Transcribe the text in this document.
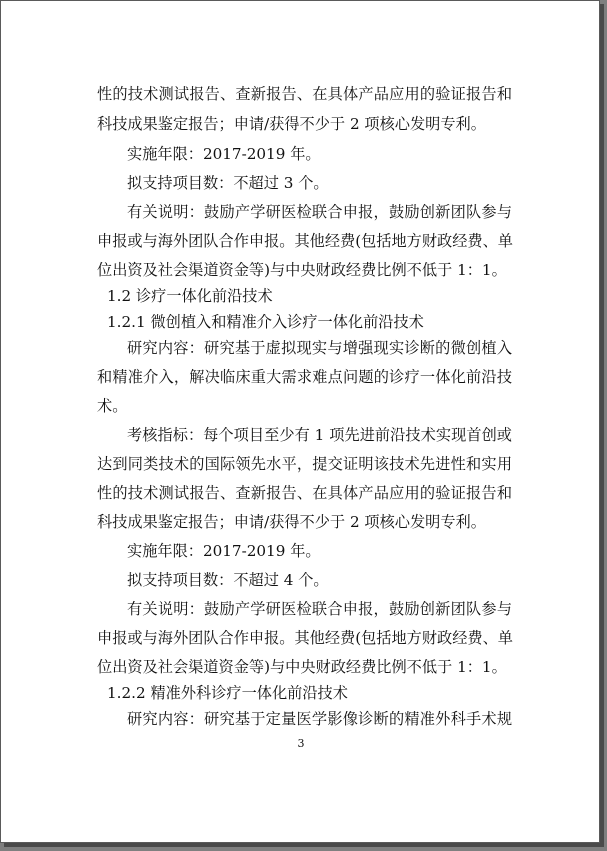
性的技术测试报告、查新报告、在具体产品应用的验证报告和
科技成果鉴定报告；申请/获得不少于 2 项核心发明专利。
实施年限：2017-2019 年。
拟支持项目数：不超过 3 个。
有关说明：鼓励产学研医检联合申报，鼓励创新团队参与
申报或与海外团队合作申报。其他经费(包括地方财政经费、单
位出资及社会渠道资金等)与中央财政经费比例不低于 1：1。
1.2 诊疗一体化前沿技术
1.2.1 微创植入和精准介入诊疗一体化前沿技术
研究内容：研究基于虚拟现实与增强现实诊断的微创植入
和精准介入，解决临床重大需求难点问题的诊疗一体化前沿技
术。
考核指标：每个项目至少有 1 项先进前沿技术实现首创或
达到同类技术的国际领先水平，提交证明该技术先进性和实用
性的技术测试报告、查新报告、在具体产品应用的验证报告和
科技成果鉴定报告；申请/获得不少于 2 项核心发明专利。
实施年限：2017-2019 年。
拟支持项目数：不超过 4 个。
有关说明：鼓励产学研医检联合申报，鼓励创新团队参与
申报或与海外团队合作申报。其他经费(包括地方财政经费、单
位出资及社会渠道资金等)与中央财政经费比例不低于 1：1。
1.2.2 精准外科诊疗一体化前沿技术
研究内容：研究基于定量医学影像诊断的精准外科手术规
3
